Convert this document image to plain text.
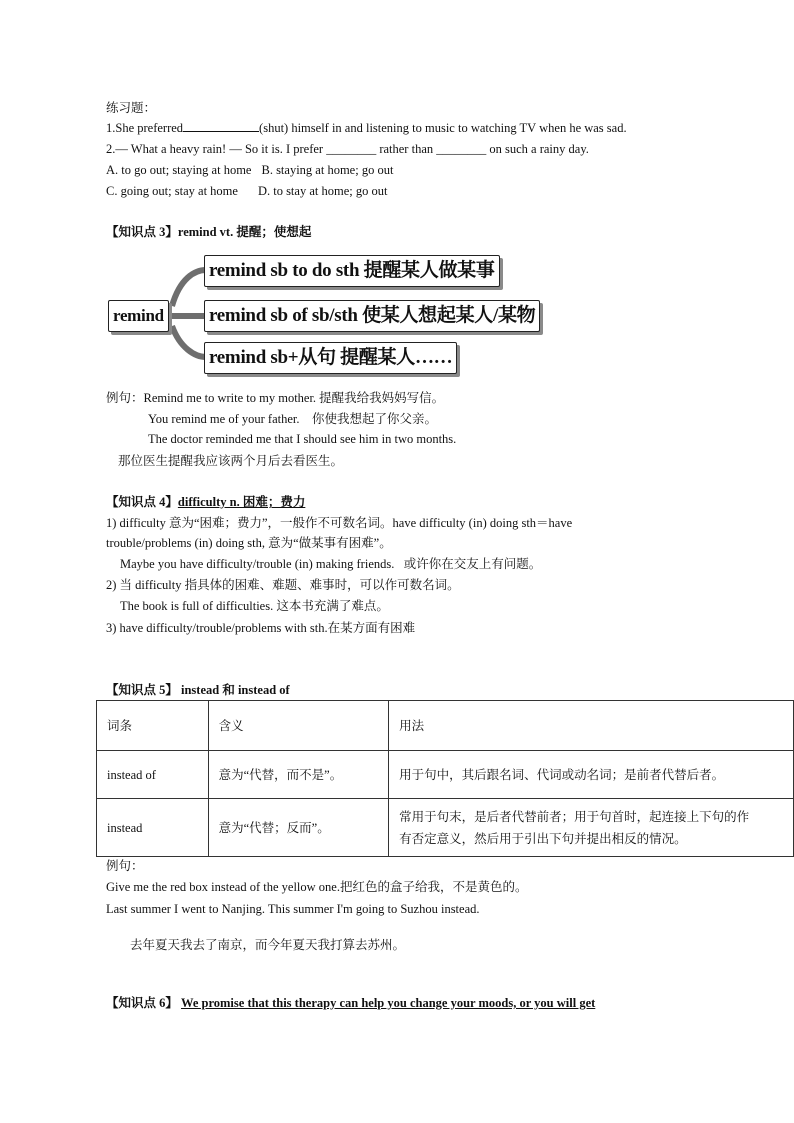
练习题：
1.She preferred	(shut) himself in and listening to music to watching TV when he was sad.
2.— What a heavy rain! — So it is. I prefer ________ rather than ________ on such a rainy day.
A. to go out; staying at home B. staying at home; go out
C. going out; stay at home D. to stay at home; go out
【知识点 3】remind vt. 提醒；使想起
remind
remind sb to do sth 提醒某人做某事
remind sb of sb/sth 使某人想起某人/某物
remind sb+从句 提醒某人……
例句：Remind me to write to my mother. 提醒我给我妈妈写信。
You remind me of your father.    你使我想起了你父亲。
The doctor reminded me that I should see him in two months.
那位医生提醒我应该两个月后去看医生。
【知识点 4】difficulty n. 困难；费力
1) difficulty 意为“困难；费力”，一般作不可数名词。have difficulty (in) doing sth＝have
trouble/problems (in) doing sth, 意为“做某事有困难”。
Maybe you have difficulty/trouble (in) making friends.   或许你在交友上有问题。
2) 当 difficulty 指具体的困难、难题、难事时，可以作可数名词。
The book is full of difficulties. 这本书充满了难点。
3) have difficulty/trouble/problems with sth.在某方面有困难
【知识点 5】 instead 和 instead of
词条	含义	用法
instead of	意为“代替，而不是”。	用于句中，其后跟名词、代词或动名词；是前者代替后者。
instead	意为“代替；反而”。	常用于句末，是后者代替前者；用于句首时，起连接上下句的作
有否定意义，然后用于引出下句并提出相反的情况。
例句：
Give me the red box instead of the yellow one.把红色的盒子给我，不是黄色的。
Last summer I went to Nanjing. This summer I'm going to Suzhou instead.
去年夏天我去了南京，而今年夏天我打算去苏州。
【知识点 6】 We promise that this therapy can help you change your moods, or you will get
